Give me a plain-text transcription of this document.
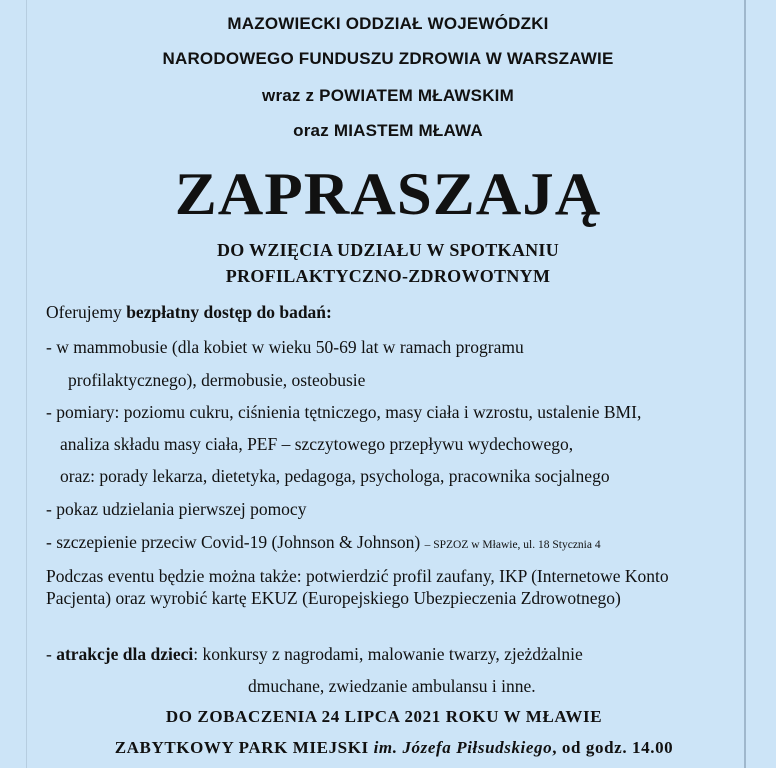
MAZOWIECKI ODDZIAŁ WOJEWÓDZKI
NARODOWEGO FUNDUSZU ZDROWIA W WARSZAWIE
wraz z POWIATEM MŁAWSKIM
oraz MIASTEM MŁAWA
ZAPRASZAJĄ
DO WZIĘCIA UDZIAŁU W SPOTKANIU
PROFILAKTYCZNO-ZDROWOTNYM
Oferujemy bezpłatny dostęp do badań:
- w mammobusie (dla kobiet w wieku 50-69 lat w ramach programu
profilaktycznego), dermobusie, osteobusie
- pomiary: poziomu cukru, ciśnienia tętniczego, masy ciała i wzrostu, ustalenie BMI,
analiza składu masy ciała, PEF – szczytowego przepływu wydechowego,
oraz: porady lekarza, dietetyka, pedagoga, psychologa, pracownika socjalnego
- pokaz udzielania pierwszej pomocy
- szczepienie przeciw Covid-19 (Johnson & Johnson) – SPZOZ w Mławie, ul. 18 Stycznia 4
Podczas eventu będzie można także: potwierdzić profil zaufany, IKP (Internetowe Konto Pacjenta) oraz wyrobić kartę EKUZ (Europejskiego Ubezpieczenia Zdrowotnego)
- atrakcje dla dzieci: konkursy z nagrodami, malowanie twarzy, zjeżdżalnie
dmuchane, zwiedzanie ambulansu i inne.
DO ZOBACZENIA 24 LIPCA 2021 ROKU W MŁAWIE
ZABYTKOWY PARK MIEJSKI im. Józefa Piłsudskiego, od godz. 14.00
